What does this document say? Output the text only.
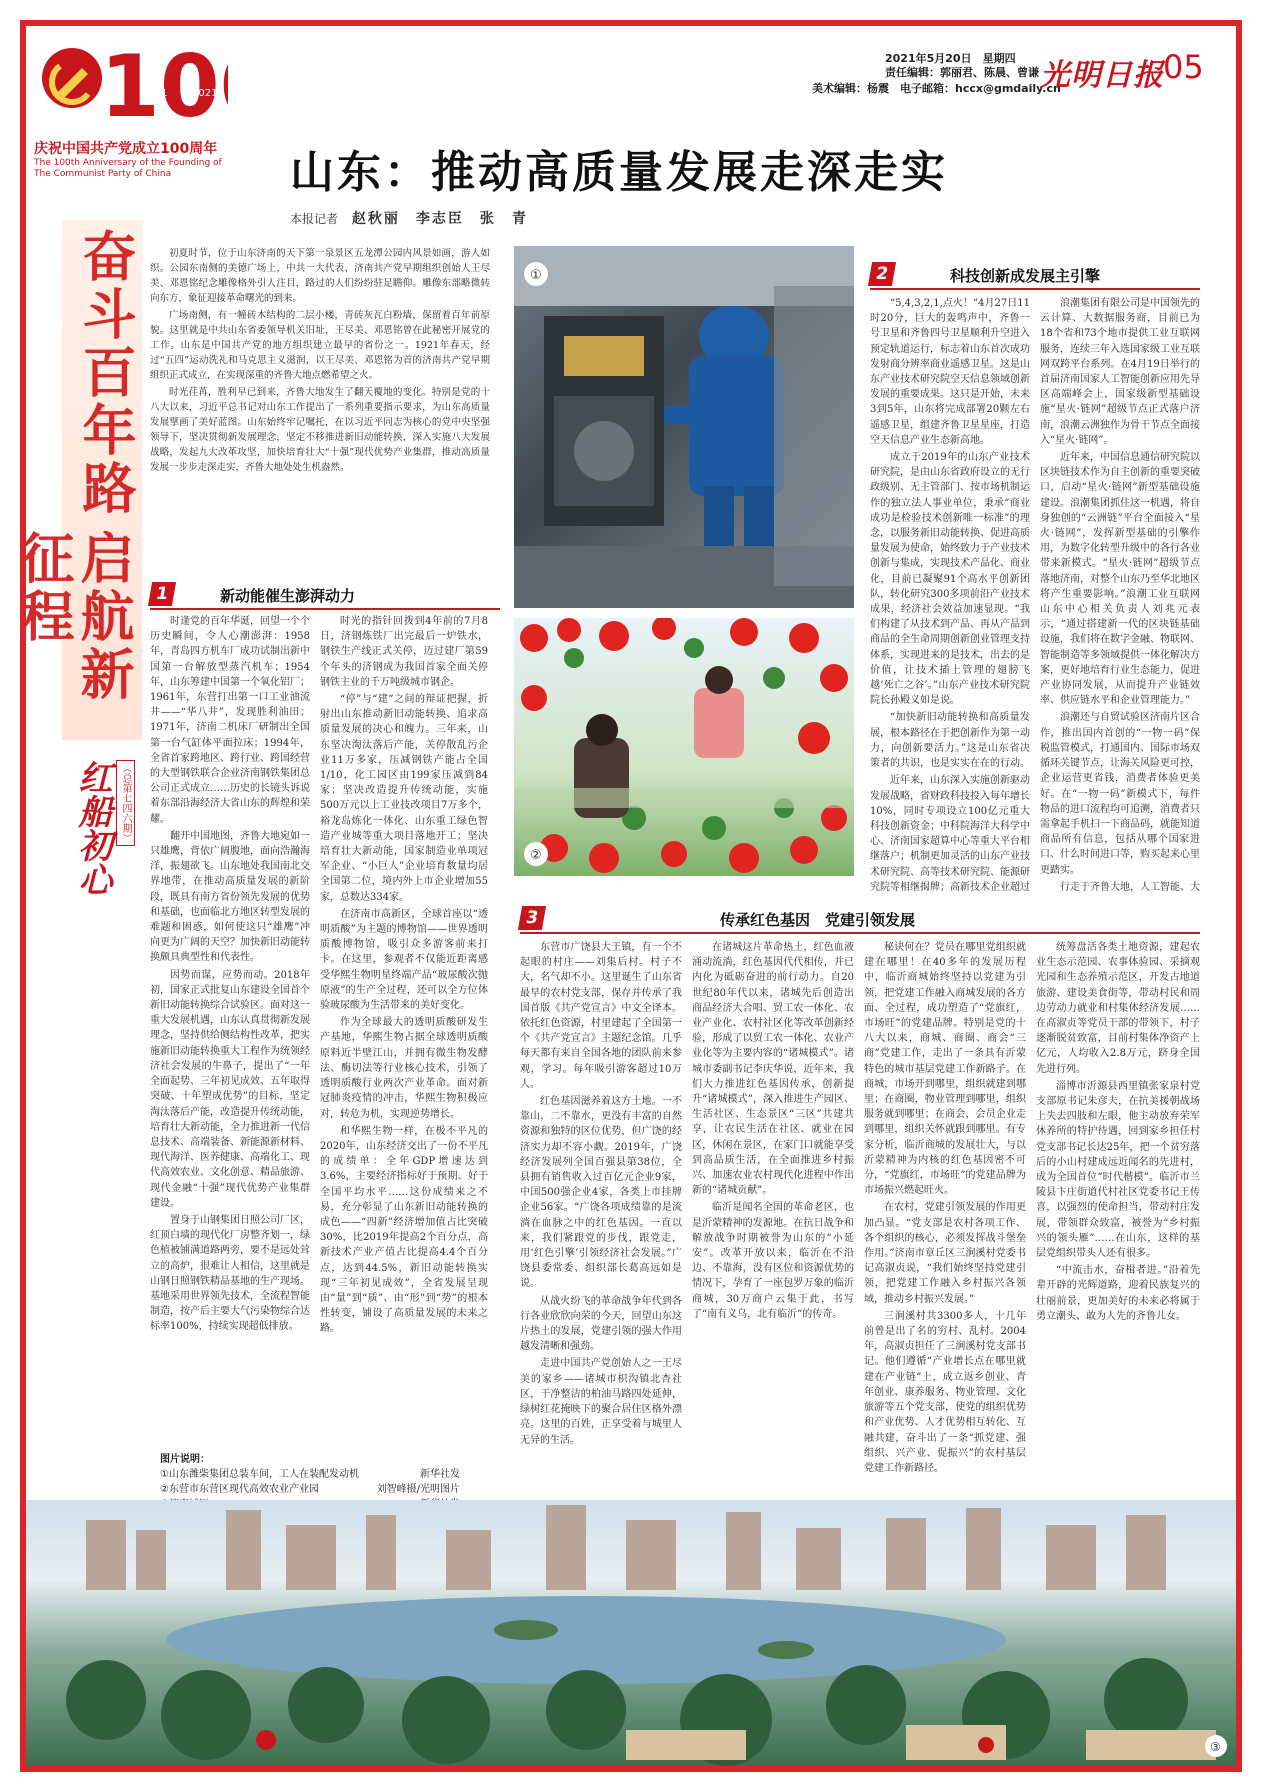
10
1921 2021
庆祝中国共产党成立100周年
The 100th Anniversary of the Founding of
The Communist Party of China
2021年5月20日　星期四
责任编辑：郭丽君、陈晨、曾谦
美术编辑：杨震　电子邮箱：hccx@gmdaily.cn
光明日报 05
山东：推动高质量发展走深走实
本报记者 赵秋丽　李志臣　张　青
奋斗百年路
启航新征程
红船初心 （总第七四六期）

初夏时节，位于山东济南的天下第一泉景区五龙潭公园内风景如画，游人如织。公园东南侧的美德广场上，中共一大代表、济南共产党早期组织创始人王尽美、邓恩铭纪念雕像格外引人注目，路过的人们纷纷驻足瞻仰。雕像东部略微转向东方，象征迎接革命曙光的到来。

广场南侧，有一幢砖木结构的二层小楼，青砖灰瓦白粉墙，保留着百年前原貌。这里就是中共山东省委领导机关旧址，王尽美、邓恩铭曾在此秘密开展党的工作。山东是中国共产党的地方组织建立最早的省份之一。1921年春天，经过“五四”运动洗礼和马克思主义滋润，以王尽美、邓恩铭为首的济南共产党早期组织正式成立，在实现深重的齐鲁大地点燃希望之火。

时光荏苒，胜利早已到来，齐鲁大地发生了翻天覆地的变化。特别是党的十八大以来，习近平总书记对山东工作提出了一系列重要指示要求，为山东高质量发展擘画了美好蓝图。山东始终牢记嘱托，在以习近平同志为核心的党中央坚强领导下，坚决贯彻新发展理念，坚定不移推进新旧动能转换，深入实施八大发展战略，发起九大改革攻坚，加快培育壮大“十强”现代优势产业集群，推动高质量发展一步步走深走实，齐鲁大地处处生机盎然。

①
②
1	新动能催生澎湃动力

时逢党的百年华诞，回望一个个历史瞬间，令人心潮澎湃：1958年，青岛四方机车厂成功试制出新中国第一台解放型蒸汽机车；1954年，山东筹建中国第一个氧化铝厂；1961年，东营打出第一口工业油流井——“华八井”，发现胜利油田；1971年，济南二机床厂研制出全国第一台气缸体平面拉床；1994年，全省首家跨地区、跨行业、跨国经营的大型钢铁联合企业济南钢铁集团总公司正式成立……历史的长镜头诉说着东部沿海经济大省山东的辉煌和荣耀。

翻开中国地图，齐鲁大地宛如一只雄鹰，背依广阔腹地，面向浩瀚海洋，振翅欲飞。山东地处我国南北交界地带，在推动高质量发展的新阶段，既具有南方省份领先发展的优势和基础，也面临北方地区转型发展的难题和困惑，如何使这只“雄鹰”冲向更为广阔的天空？加快新旧动能转换颇具典型性和代表性。

因势而谋，应势而动。2018年初，国家正式批复山东建设全国首个新旧动能转换综合试验区。面对这一重大发展机遇，山东认真贯彻新发展理念，坚持供给侧结构性改革，把实施新旧动能转换重大工程作为统领经济社会发展的牛鼻子，提出了“一年全面起势、三年初见成效、五年取得突破、十年塑成优势”的目标，坚定淘汰落后产能，改造提升传统动能，培育壮大新动能，全力推进新一代信息技术、高端装备、新能源新材料、现代海洋、医养健康、高端化工、现代高效农业、文化创意、精品旅游、现代金融“十强”现代优势产业集群建设。

置身于山钢集团日照公司厂区，红顶白墙的现代化厂房整齐划一，绿色植被铺满道路两旁，要不是远处耸立的高炉，很难让人相信，这里就是山钢日照钢铁精品基地的生产现场。基地采用世界领先技术，全流程智能制造，按产后主要大气污染物综合达标率100%，持续实现超低排放。

时光的指针回拨到4年前的7月8日，济钢炼铁厂出完最后一炉铁水，钢铁生产线正式关停，迈过建厂第59个年头的济钢成为我国首家全面关停钢铁主业的千万吨级城市钢企。

“停”与“建”之间的辩证把握，折射出山东推动新旧动能转换、追求高质量发展的决心和魄力。三年来，山东坚决淘汰落后产能，关停散乱污企业11万多家，压减钢铁产能占全国1/10，化工园区由199家压减到84家；坚决改造提升传统动能，实施500万元以上工业技改项目7万多个，裕龙岛炼化一体化、山东重工绿色智造产业城等重大项目落地开工；坚决培育壮大新动能，国家制造业单项冠军企业、“小巨人”企业培育数量均居全国第二位，境内外上市企业增加55家，总数达334家。

在济南市高新区，全球首座以“透明质酸”为主题的博物馆——世界透明质酸博物馆，吸引众多游客前来打卡。在这里，参观者不仅能近距离感受华熙生物明星终端产品“玻尿酸次抛原液”的生产全过程，还可以全方位体验玻尿酸为生活带来的美好变化。

作为全球最大的透明质酸研发生产基地，华熙生物占据全球透明质酸原料近半壁江山，并拥有微生物发酵法、酶切法等行业核心技术，引领了透明质酸行业两次产业革命。面对新冠肺炎疫情的冲击，华熙生物积极应对，转危为机，实现逆势增长。

和华熙生物一样，在极不平凡的2020年，山东经济交出了一份不平凡的成绩单：全年GDP增速达到3.6%，主要经济指标好于预期、好于全国平均水平……这份成绩来之不易，充分彰显了山东新旧动能转换的成色——“四新”经济增加值占比突破30%，比2019年提高2个百分点，高新技术产业产值占比提高4.4个百分点，达到44.5%，新旧动能转换实现“三年初见成效”，全省发展呈现由“量”到“质”、由“形”到“势”的根本性转变，铺设了高质量发展的未来之路。

2	科技创新成发展主引擎

“5,4,3,2,1,点火！”4月27日11时20分，巨大的轰鸣声中，齐鲁一号卫星和齐鲁四号卫星顺利升空进入预定轨道运行，标志着山东首次成功发射商分辨率商业遥感卫星。这是山东产业技术研究院空天信息领域创新发展的重要成果。这只是开始，未来3到5年，山东将完成部署20颗左右遥感卫星，组建齐鲁卫星星座，打造空天信息产业生态新高地。

成立于2019年的山东产业技术研究院，是由山东省政府设立的无行政级别、无主管部门、按市场机制运作的独立法人事业单位，秉承“商业成功是检验技术创新唯一标准”的理念，以服务新旧动能转换、促进高质量发展为使命，始终致力于产业技术创新与集成，实现技术产品化、商业化，目前已凝聚91个高水平创新团队，转化研究300多项前沿产业技术成果，经济社会效益加速显现。“我们构建了从技术到产品、再从产品到商品的全生命周期创新创业管理支持体系，实现进来的是技术，出去的是价值，让技术插上管理的翅膀飞越‘死亡之谷’。”山东产业技术研究院院长孙殿义如是说。

“加快新旧动能转换和高质量发展，根本路径在于把创新作为第一动力，向创新要活力。”这是山东省决策者的共识，也是实实在在的行动。

近年来，山东深入实施创新驱动发展战略，省财政科技投入每年增长10%，同时专项设立100亿元重大科技创新资金；中科院海洋大科学中心、济南国家超算中心等重大平台相继落户；机制更加灵活的山东产业技术研究院、高等技术研究院、能源研究院等相继揭牌；高新技术企业超过

浪潮集团有限公司是中国领先的云计算、大数据服务商，目前已为18个省和73个地市提供工业互联网服务，连续三年入选国家级工业互联网双跨平台系列。在4月19日举行的首届济南国家人工智能创新应用先导区高端峰会上，国家级新型基础设施“星火·链网”超级节点正式落户济南，浪潮云洲独作为骨干节点全面接入“星火·链网”。

近年来，中国信息通信研究院以区块链技术作为自主创新的重要突破口，启动“星火·链网”新型基础设施建设。浪潮集团抓住这一机遇，将自身独创的“云洲链”平台全面接入“星火·链网”，发挥新型基础的引擎作用，为数字化转型升级中的各行各业带来新模式。“星火·链网”超级节点落地济南，对整个山东乃至华北地区将产生重要影响。”浪潮工业互联网山东中心相关负责人刘兆元表示，“通过搭建新一代的区块链基础设施，我们将在数字金融、物联网、智能制造等多领域提供一体化解决方案，更好地培育行业生态能力，促进产业协同发展，从而提升产业链效率、供应链水平和企业管理能力。”

浪潮还与自贸试验区济南片区合作，推出国内首创的“一物一码”保税监管模式，打通国内、国际市场双循环关键节点，让海关风险更可控，企业运营更省钱，消费者体验更美好。在“一物一码”新模式下，每件物品的进口流程均可追溯，消费者只需拿起手机扫一下商品码，就能知道商品所有信息，包括从哪个国家进口、什么时间进口等，购买起来心里更踏实。

行走于齐鲁大地，人工智能、大

3	传承红色基因　党建引领发展

东营市广饶县大王镇，有一个不起眼的村庄——刘集后村。村子不大，名气却不小。这里诞生了山东省最早的农村党支部，保存并传承了我国首版《共产党宣言》中文全译本。依托红色资源，村里建起了全国第一个《共产党宣言》主题纪念馆。几乎每天都有来自全国各地的团队前来参观，学习。每年吸引游客超过10万人。

红色基因滋养着这方土地。一不靠山，二不靠水，更没有丰富的自然资源和独特的区位优势，但广饶的经济实力却不容小觑。2019年，广饶经济发展列全国百强县第38位，全县拥有销售收入过百亿元企业9家，中国500强企业4家，各类上市挂牌企业56家。“广饶各项成绩靠的是流淌在血脉之中的红色基因。一直以来，我们紧跟党的步伐，跟党走，用‘红色引擎’引领经济社会发展。”广饶县委常委、组织部长葛高远如是说。

从战火纷飞的革命战争年代到各行各业欣欣向荣的今天，回望山东这片热土的发展，党建引领的强大作用越发清晰和强劲。

走进中国共产党创始人之一王尽美的家乡——诸城市枳沟镇北杏社区，干净整洁的柏油马路四处延伸，绿树红花掩映下的聚合居住区格外漂亮。这里的百姓，正享受着与城里人无异的生活。

在诸城这片革命热土，红色血液涌动流淌，红色基因代代相传，并已内化为砥砺奋进的前行动力。自20世纪80年代以来，诸城先后创造出商品经济大合唱、贸工农一体化、农业产业化、农村社区化等改革创新经验，形成了以贸工农一体化、农业产业化等为主要内容的“诸城模式”。诸城市委副书记李庆华说，近年来，我们大力推进红色基因传承，创新提升“诸城模式”，深入推进生产园区、生活社区、生态景区“三区”共建共享，让农民生活在社区、就业在园区，休闲在景区，在家门口就能享受到高品质生活，在全面推进乡村振兴、加速农业农村现代化进程中作出新的“诸城贡献”。

临沂是闻名全国的革命老区，也是沂蒙精神的发源地。在抗日战争和解放战争时期被誉为山东的“小延安”。改革开放以来，临沂在不沿边、不靠海，没有区位和资源优势的情况下，孕育了一座包罗万象的临沂商城，30万商户云集于此，书写了“南有义乌，北有临沂”的传奇。

秘诀何在？党员在哪里党组织就建在哪里！在40多年的发展历程中，临沂商城始终坚持以党建为引领，把党建工作融入商城发展的各方面、全过程，成功塑造了“党旗红，市场旺”的党建品牌。特别是党的十八大以来，商城、商圈、商会“三商”党建工作，走出了一条具有沂蒙特色的城市基层党建工作新路子。在商城，市场开到哪里，组织就建到哪里；在商圈，物业管理到哪里，组织服务就到哪里；在商会，会员企业走到哪里，组织关怀就跟到哪里。有专家分析，临沂商城的发展壮大，与以沂蒙精神为内核的红色基因密不可分，“党旗红，市场旺”的党建品牌为市场振兴燃起旺火。

在农村，党建引领发展的作用更加凸显。“党支部是农村各项工作、各个组织的核心，必须发挥战斗堡垒作用。”济南市章丘区三涧溪村党委书记高淑贞说，“我们始终坚持党建引领，把党建工作融入乡村振兴各领域，推动乡村振兴发展。”

三涧溪村共3300多人，十几年前曾是出了名的穷村、乱村。2004年，高淑贞担任了三涧溪村党支部书记。他们遵循“产业增长点在哪里就建在产业链”上，成立返乡创业、青年创业、康养服务、物业管理、文化旅游等五个党支部，使党的组织优势和产业优势、人才优势相互转化、互融共建，奋斗出了一条“抓党建、强组织、兴产业、促振兴”的农村基层党建工作新路径。

统筹盘活各类土地资源，建起农业生态示范园、农事体验园、采摘观光园和生态养殖示范区，开发古地道旅游、建设美食街等，带动村民和周边劳动力就业和村集体经济发展……在高淑贞等党员干部的带领下，村子逐渐脱贫致富，目前村集体净资产上亿元，人均收入2.8万元，跻身全国先进行列。

淄博市沂源县西里镇张家泉村党支部原书记朱彦夫，在抗美援朝战场上失去四肢和左眼，他主动放弃荣军休养所的特护待遇，回到家乡担任村党支部书记长达25年，把一个贫穷落后的小山村建成远近闻名的先进村，成为全国首位“时代楷模”。临沂市兰陵县卞庄街道代村社区党委书记王传喜，以强烈的使命担当，带动村庄发展，带领群众致富，被誉为“乡村振兴的领头雁”……在山东，这样的基层党组织带头人还有很多。

“中流击水，奋楫者进。”沿着先辈开辟的光辉道路，迎着民族复兴的壮丽前景，更加美好的未来必将属于勇立潮头、敢为人先的齐鲁儿女。

图片说明：
①山东潍柴集团总装车间，工人在装配发动机	新华社发
②东营市东营区现代高效农业产业园	刘智峰摄/光明图片
③
